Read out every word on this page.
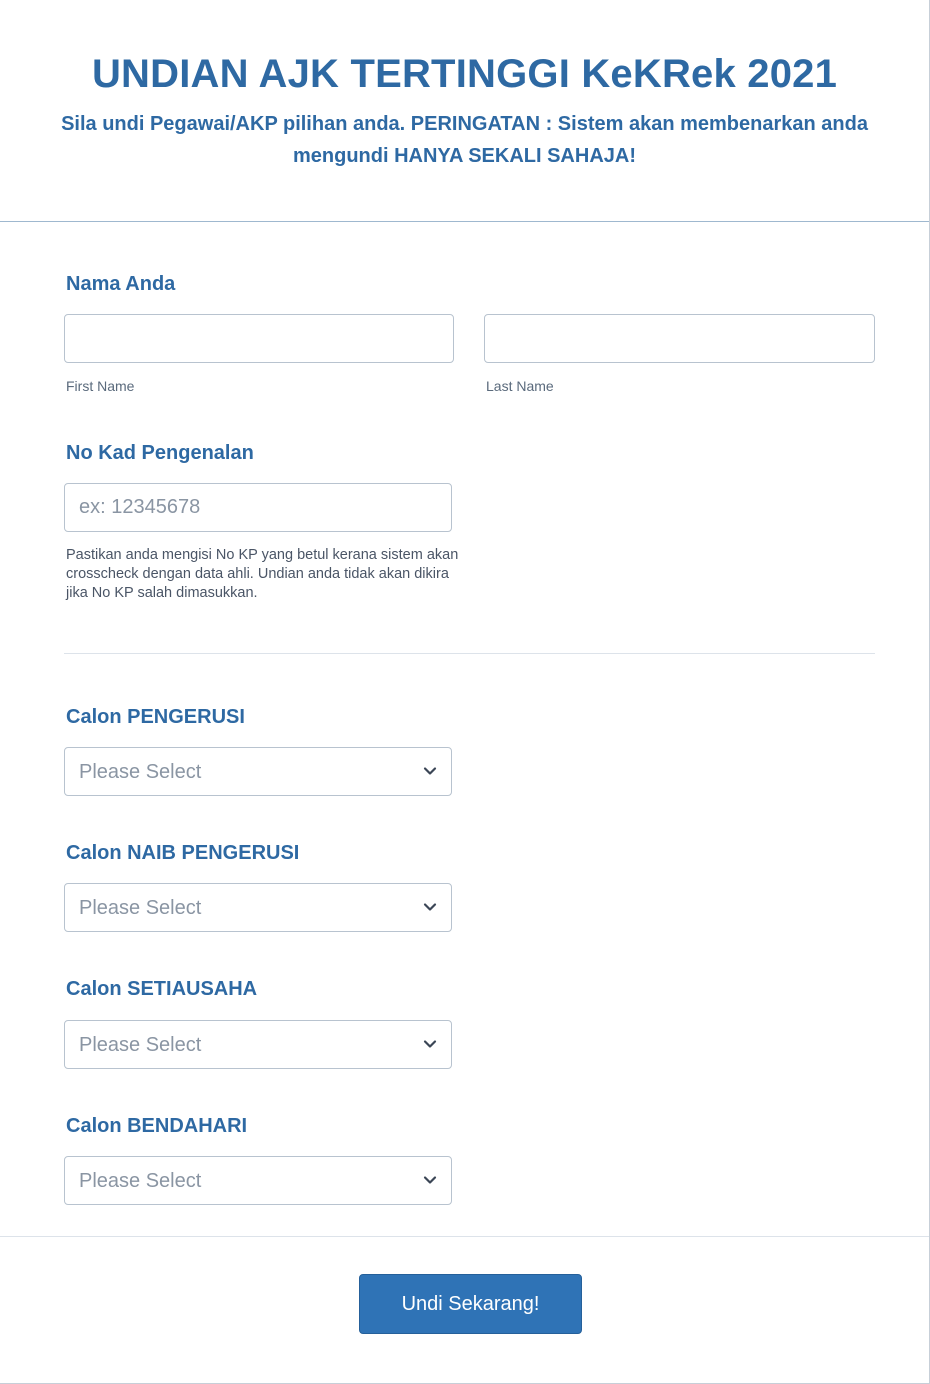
UNDIAN AJK TERTINGGI KeKRek 2021
Sila undi Pegawai/AKP pilihan anda. PERINGATAN : Sistem akan membenarkan anda mengundi HANYA SEKALI SAHAJA!
Nama Anda
First Name	Last Name
No Kad Pengenalan
ex: 12345678
Pastikan anda mengisi No KP yang betul kerana sistem akan crosscheck dengan data ahli. Undian anda tidak akan dikira jika No KP salah dimasukkan.
Calon PENGERUSI
Please Select
Calon NAIB PENGERUSI
Please Select
Calon SETIAUSAHA
Please Select
Calon BENDAHARI
Please Select
Undi Sekarang!
